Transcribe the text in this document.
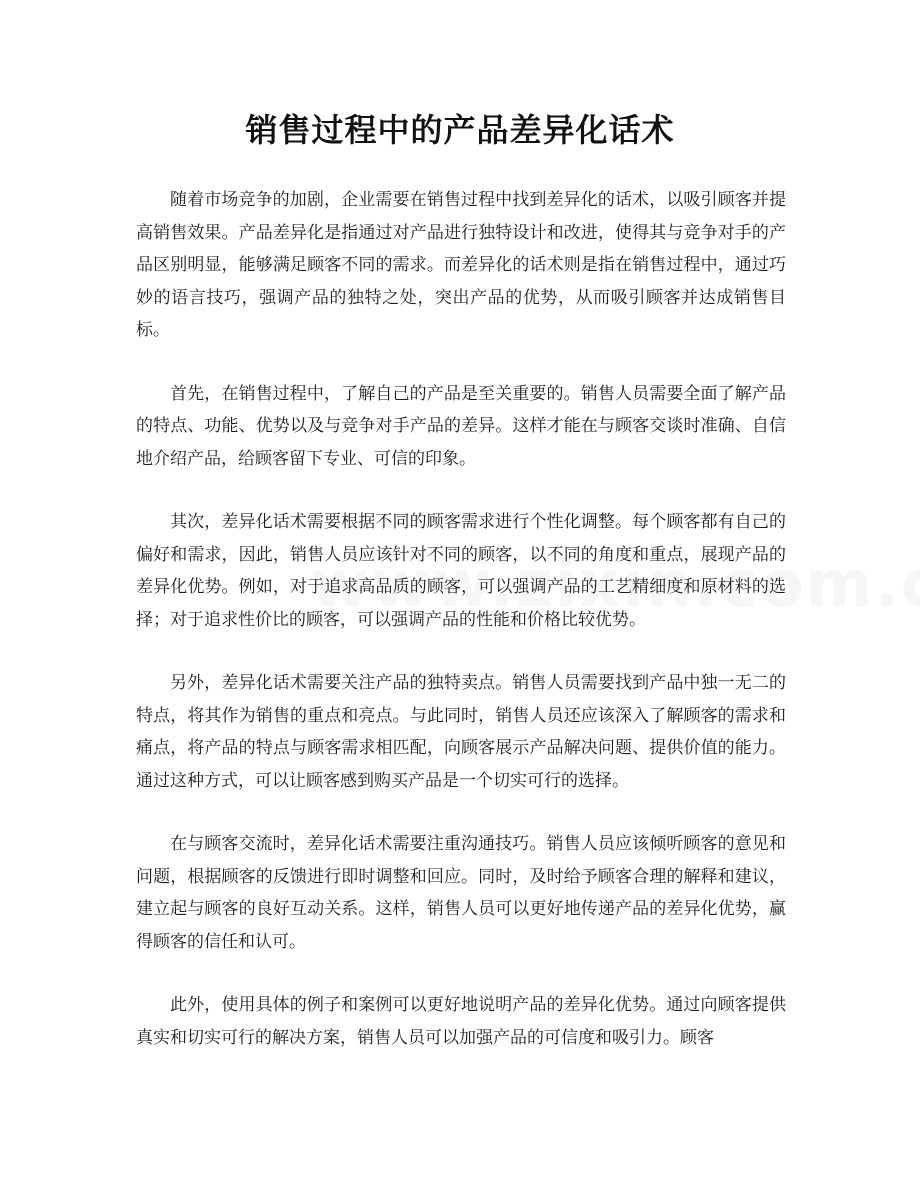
销售过程中的产品差异化话术

随着市场竞争的加剧，企业需要在销售过程中找到差异化的话术，以吸引顾客并提高销售效果。产品差异化是指通过对产品进行独特设计和改进，使得其与竞争对手的产品区别明显，能够满足顾客不同的需求。而差异化的话术则是指在销售过程中，通过巧妙的语言技巧，强调产品的独特之处，突出产品的优势，从而吸引顾客并达成销售目标。

首先，在销售过程中，了解自己的产品是至关重要的。销售人员需要全面了解产品的特点、功能、优势以及与竞争对手产品的差异。这样才能在与顾客交谈时准确、自信地介绍产品，给顾客留下专业、可信的印象。

其次，差异化话术需要根据不同的顾客需求进行个性化调整。每个顾客都有自己的偏好和需求，因此，销售人员应该针对不同的顾客，以不同的角度和重点，展现产品的差异化优势。例如，对于追求高品质的顾客，可以强调产品的工艺精细度和原材料的选择；对于追求性价比的顾客，可以强调产品的性能和价格比较优势。

另外，差异化话术需要关注产品的独特卖点。销售人员需要找到产品中独一无二的特点，将其作为销售的重点和亮点。与此同时，销售人员还应该深入了解顾客的需求和痛点，将产品的特点与顾客需求相匹配，向顾客展示产品解决问题、提供价值的能力。通过这种方式，可以让顾客感到购买产品是一个切实可行的选择。

在与顾客交流时，差异化话术需要注重沟通技巧。销售人员应该倾听顾客的意见和问题，根据顾客的反馈进行即时调整和回应。同时，及时给予顾客合理的解释和建议，建立起与顾客的良好互动关系。这样，销售人员可以更好地传递产品的差异化优势，赢得顾客的信任和认可。

此外，使用具体的例子和案例可以更好地说明产品的差异化优势。通过向顾客提供真实和切实可行的解决方案，销售人员可以加强产品的可信度和吸引力。顾客
